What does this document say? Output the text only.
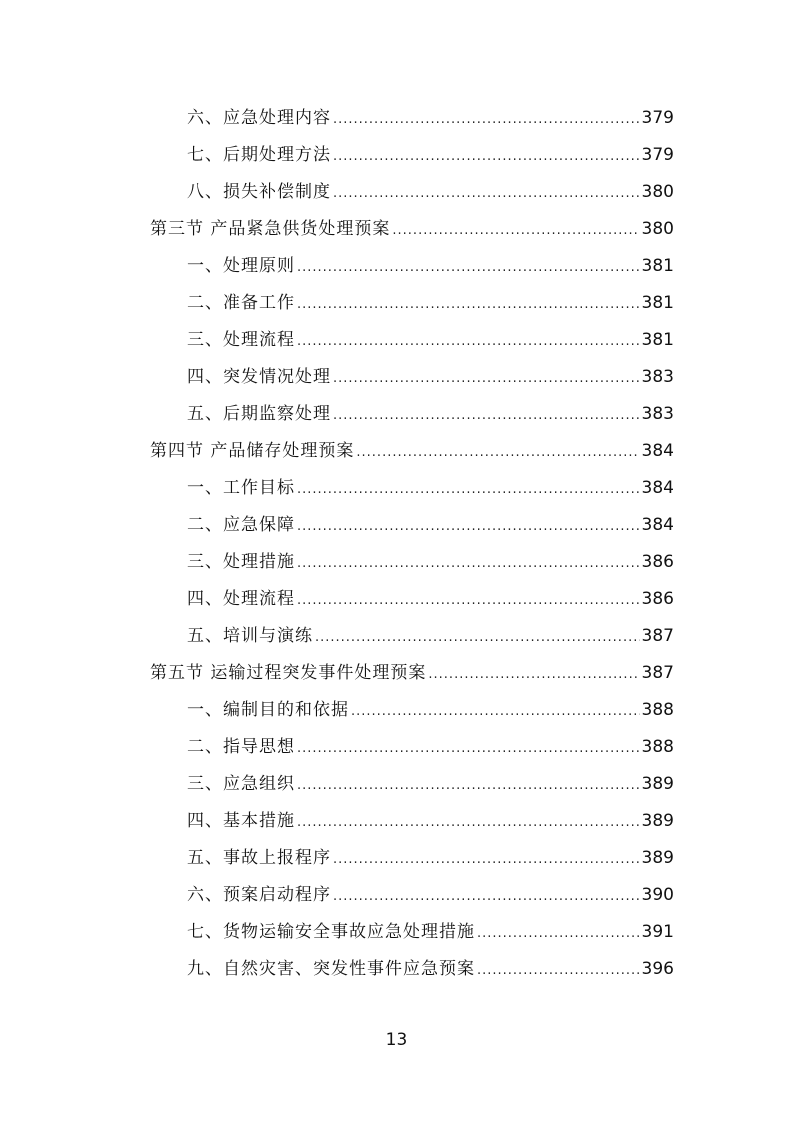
六、应急处理内容 .....	379
七、后期处理方法 .....	379
八、损失补偿制度 .....	380
第三节 产品紧急供货处理预案 .....	380
一、处理原则 .....	381
二、准备工作 .....	381
三、处理流程 .....	381
四、突发情况处理 .....	383
五、后期监察处理 .....	383
第四节 产品储存处理预案 .....	384
一、工作目标 .....	384
二、应急保障 .....	384
三、处理措施 .....	386
四、处理流程 .....	386
五、培训与演练 .....	387
第五节 运输过程突发事件处理预案 .....	387
一、编制目的和依据 .....	388
二、指导思想 .....	388
三、应急组织 .....	389
四、基本措施 .....	389
五、事故上报程序 .....	389
六、预案启动程序 .....	390
七、货物运输安全事故应急处理措施 .....	391
九、自然灾害、突发性事件应急预案 .....	396
13
